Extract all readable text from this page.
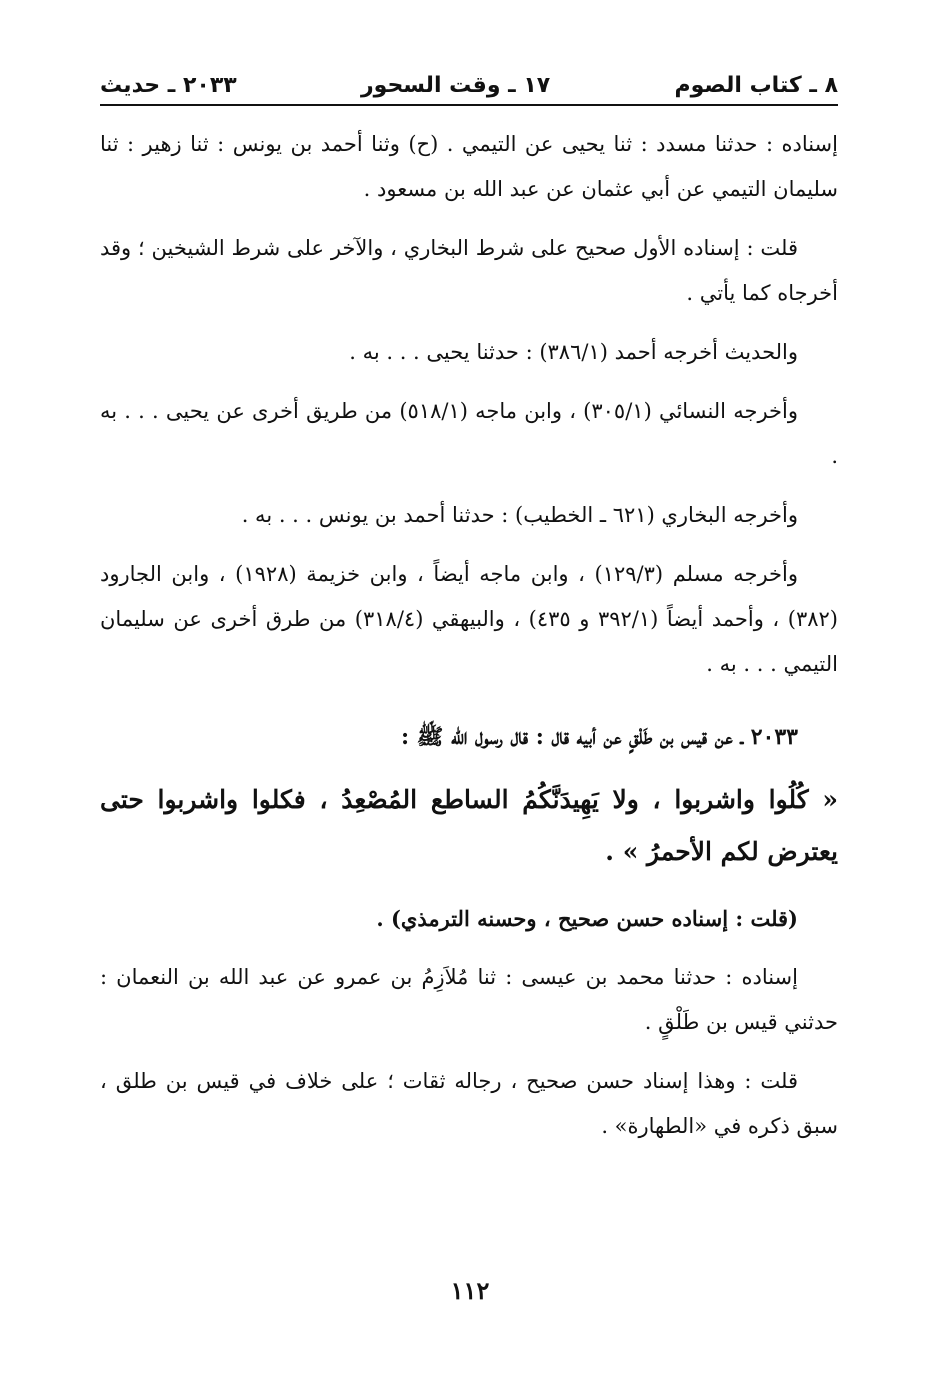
٨ ـ كتاب الصوم
١٧ ـ وقت السحور
٢٠٣٣ ـ حديث

إسناده : حدثنا مسدد : ثنا يحيى عن التيمي . (ح) وثنا أحمد بن يونس : ثنا زهير : ثنا سليمان التيمي عن أبي عثمان عن عبد الله بن مسعود .

قلت : إسناده الأول صحيح على شرط البخاري ، والآخر على شرط الشيخين ؛ وقد أخرجاه كما يأتي .

والحديث أخرجه أحمد (٣٨٦/١) : حدثنا يحيى . . . به .

وأخرجه النسائي (٣٠٥/١) ، وابن ماجه (٥١٨/١) من طريق أخرى عن يحيى . . . به .

وأخرجه البخاري (٦٢١ ـ الخطيب) : حدثنا أحمد بن يونس . . . به .

وأخرجه مسلم (١٢٩/٣) ، وابن ماجه أيضاً ، وابن خزيمة (١٩٢٨) ، وابن الجارود (٣٨٢) ، وأحمد أيضاً (٣٩٢/١ و ٤٣٥) ، والبيهقي (٣١٨/٤) من طرق أخرى عن سليمان التيمي . . . به .

٢٠٣٣ ـ عن قيس بن طَلْقٍ عن أبيه قال : قال رسول الله ﷺ :

« كُلُوا واشربوا ، ولا يَهِيدَنَّكُمُ الساطع المُصْعِدُ ، فكلوا واشربوا حتى يعترض لكم الأحمرُ » .

(قلت : إسناده حسن صحيح ، وحسنه الترمذي) .

إسناده : حدثنا محمد بن عيسى : ثنا مُلاَزِمُ بن عمرو عن عبد الله بن النعمان : حدثني قيس بن طَلْقٍ .

قلت : وهذا إسناد حسن صحيح ، رجاله ثقات ؛ على خلاف في قيس بن طلق ، سبق ذكره في «الطهارة» .

١١٢
